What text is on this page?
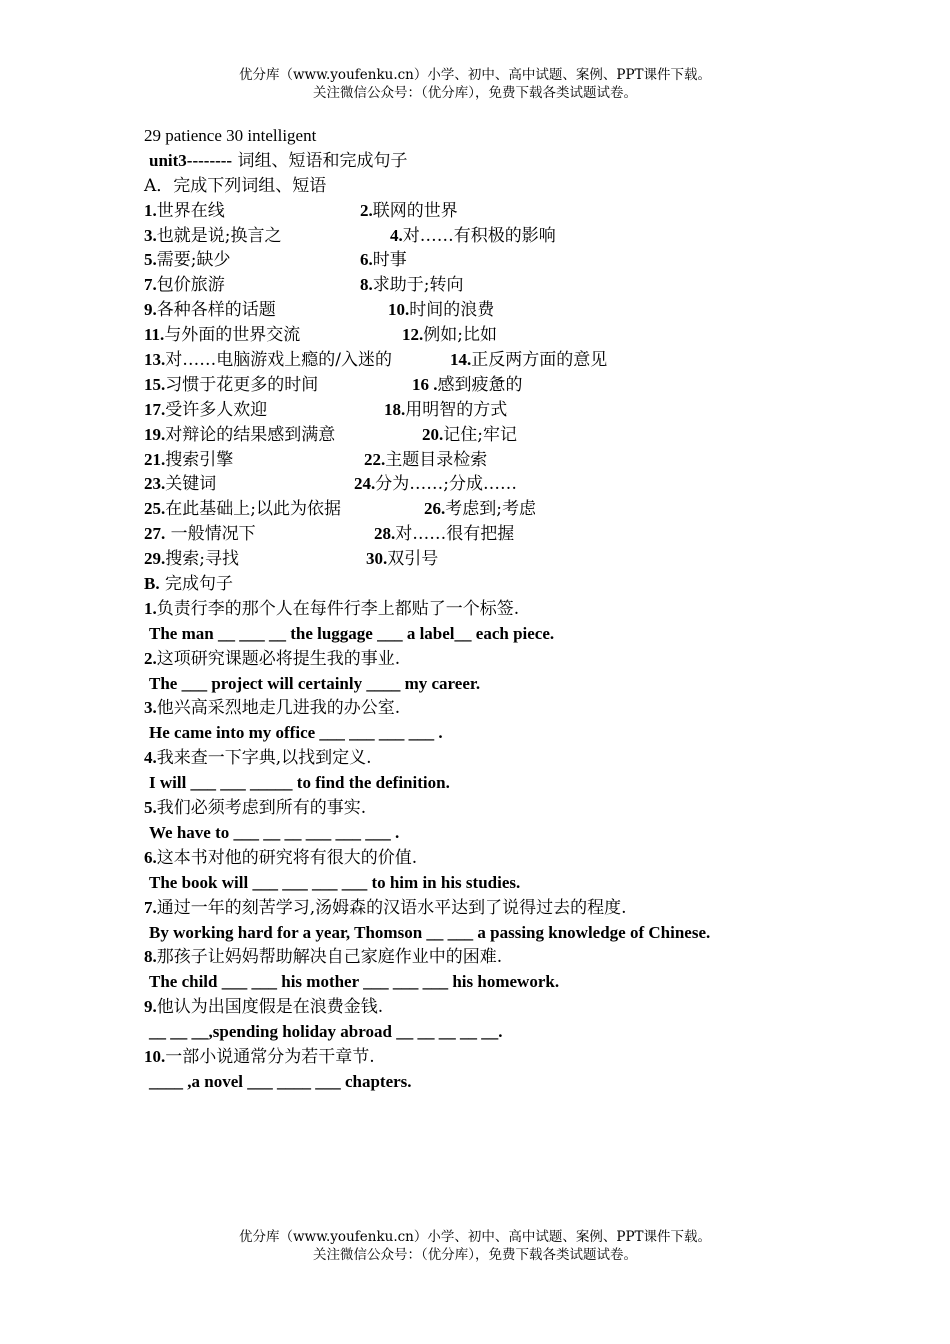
优分库（www.youfenku.cn）小学、初中、高中试题、案例、PPT课件下载。
关注微信公众号：（优分库），免费下载各类试题试卷。
29 patience 30 intelligent
unit3-------- 词组、短语和完成句子
A．完成下列词组、短语
1.世界在线	2.联网的世界
3.也就是说;换言之	4.对……有积极的影响
5.需要;缺少	6.时事
7.包价旅游	8.求助于;转向
9.各种各样的话题	10.时间的浪费
11.与外面的世界交流	12.例如;比如
13.对……电脑游戏上瘾的/入迷的	14.正反两方面的意见
15.习惯于花更多的时间	16 .感到疲惫的
17.受许多人欢迎	18.用明智的方式
19.对辩论的结果感到满意	20.记住;牢记
21.搜索引擎	22.主题目录检索
23.关键词	24.分为……;分成……
25.在此基础上;以此为依据	26.考虑到;考虑
27. 一般情况下	28.对……很有把握
29.搜索;寻找	30.双引号
B. 完成句子
1.负责行李的那个人在每件行李上都贴了一个标签.
The man __ ___ __ the luggage ___ a label__ each piece.
2.这项研究课题必将提生我的事业.
The ___ project will certainly ____ my career.
3.他兴高采烈地走几进我的办公室.
He came into my office ___ ___ ___ ___ .
4.我来查一下字典,以找到定义.
I will ___ ___ _____ to find the definition.
5.我们必须考虑到所有的事实.
We have to ___ __ __ ___ ___ ___ .
6.这本书对他的研究将有很大的价值.
The book will ___ ___ ___ ___ to him in his studies.
7.通过一年的刻苦学习,汤姆森的汉语水平达到了说得过去的程度.
By working hard for a year, Thomson __ ___ a passing knowledge of Chinese.
8.那孩子让妈妈帮助解决自己家庭作业中的困难.
The child ___ ___ his mother ___ ___ ___ his homework.
9.他认为出国度假是在浪费金钱.
__ __ __,spending holiday abroad __ __ __ __ __.
10.一部小说通常分为若干章节.
____ ,a novel ___ ____ ___ chapters.
优分库（www.youfenku.cn）小学、初中、高中试题、案例、PPT课件下载。
关注微信公众号：（优分库），免费下载各类试题试卷。
